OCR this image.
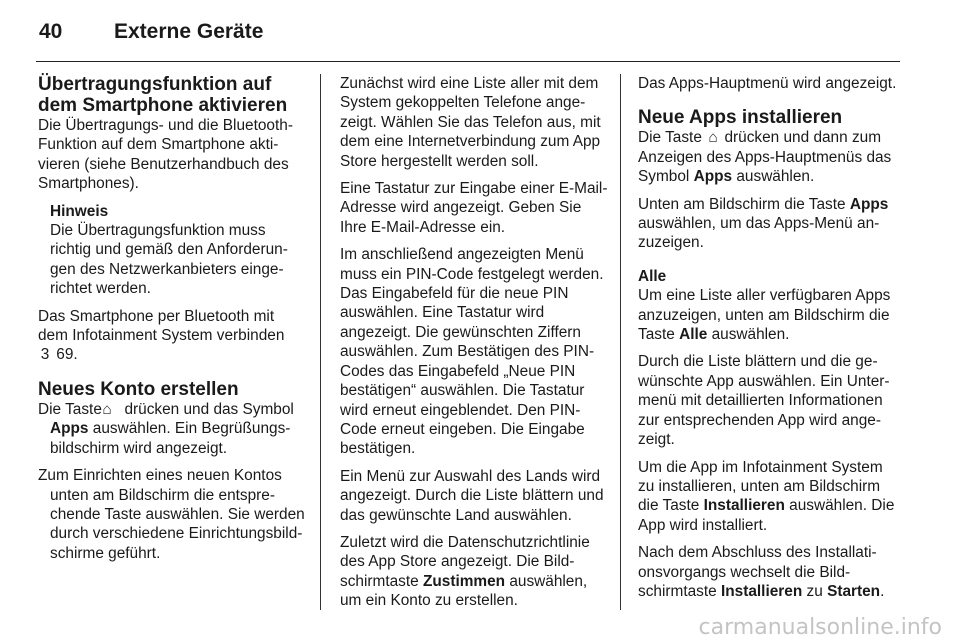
40 Externe Geräte
Übertragungsfunktion auf dem Smartphone aktivieren

Die Übertragungs- und die Bluetooth-Funktion auf dem Smartphone aktivieren (siehe Benutzerhandbuch des Smartphones).

Hinweis
Die Übertragungsfunktion muss richtig und gemäß den Anforderungen des Netzwerkanbieters eingerichtet werden.

Das Smartphone per Bluetooth mit dem Infotainment System verbinden
3 69.

Neues Konto erstellen

Die Taste ⌂ drücken und das Symbol Apps auswählen. Ein Begrüßungsbildschirm wird angezeigt.

Zum Einrichten eines neuen Kontos unten am Bildschirm die entsprechende Taste auswählen. Sie werden durch verschiedene Einrichtungsbildschirme geführt.

Zunächst wird eine Liste aller mit dem System gekoppelten Telefone angezeigt. Wählen Sie das Telefon aus, mit dem eine Internetverbindung zum App Store hergestellt werden soll.

Eine Tastatur zur Eingabe einer E-Mail-Adresse wird angezeigt. Geben Sie Ihre E-Mail-Adresse ein.

Im anschließend angezeigten Menü muss ein PIN-Code festgelegt werden. Das Eingabefeld für die neue PIN auswählen. Eine Tastatur wird angezeigt. Die gewünschten Ziffern auswählen. Zum Bestätigen des PIN-Codes das Eingabefeld „Neue PIN bestätigen“ auswählen. Die Tastatur wird erneut eingeblendet. Den PIN-Code erneut eingeben. Die Eingabe bestätigen.

Ein Menü zur Auswahl des Lands wird angezeigt. Durch die Liste blättern und das gewünschte Land auswählen.

Zuletzt wird die Datenschutzrichtlinie des App Store angezeigt. Die Bildschirmtaste Zustimmen auswählen, um ein Konto zu erstellen.

Das Apps-Hauptmenü wird angezeigt.

Neue Apps installieren

Die Taste ⌂ drücken und dann zum Anzeigen des Apps-Hauptmenüs das Symbol Apps auswählen.

Unten am Bildschirm die Taste Apps auswählen, um das Apps-Menü anzuzeigen.

Alle

Um eine Liste aller verfügbaren Apps anzuzeigen, unten am Bildschirm die Taste Alle auswählen.

Durch die Liste blättern und die gewünschte App auswählen. Ein Untermenü mit detaillierten Informationen zur entsprechenden App wird angezeigt.

Um die App im Infotainment System zu installieren, unten am Bildschirm die Taste Installieren auswählen. Die App wird installiert.

Nach dem Abschluss des Installationsvorgangs wechselt die Bildschirmtaste Installieren zu Starten.

carmanualsonline.info
